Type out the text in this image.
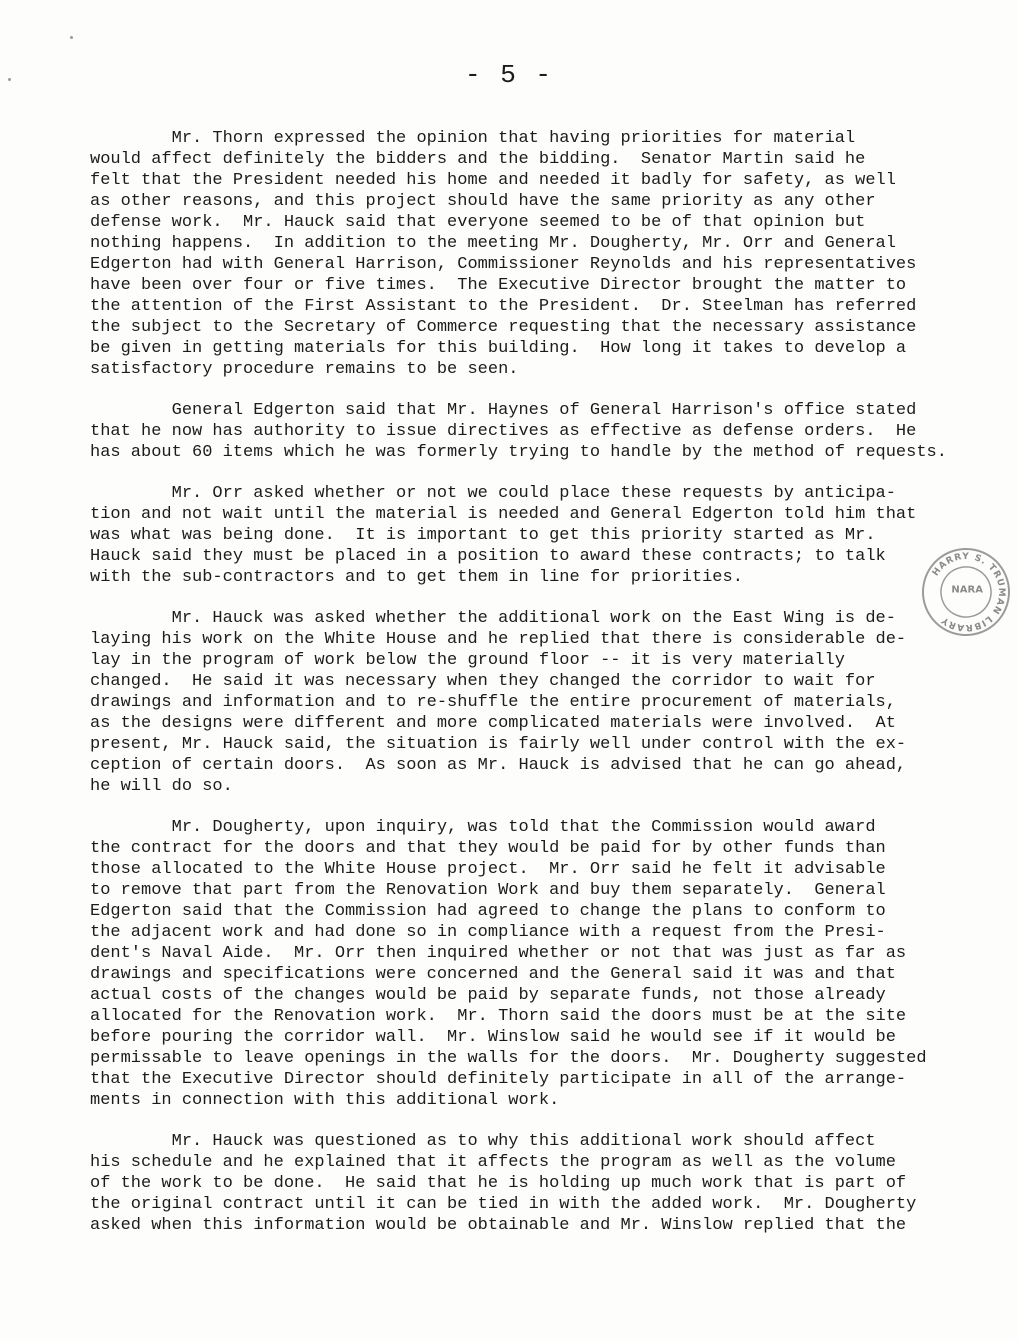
- 5 -
Mr. Thorn expressed the opinion that having priorities for material
would affect definitely the bidders and the bidding.  Senator Martin said he
felt that the President needed his home and needed it badly for safety, as well
as other reasons, and this project should have the same priority as any other
defense work.  Mr. Hauck said that everyone seemed to be of that opinion but
nothing happens.  In addition to the meeting Mr. Dougherty, Mr. Orr and General
Edgerton had with General Harrison, Commissioner Reynolds and his representatives
have been over four or five times.  The Executive Director brought the matter to
the attention of the First Assistant to the President.  Dr. Steelman has referred
the subject to the Secretary of Commerce requesting that the necessary assistance
be given in getting materials for this building.  How long it takes to develop a
satisfactory procedure remains to be seen.
General Edgerton said that Mr. Haynes of General Harrison's office stated
that he now has authority to issue directives as effective as defense orders.  He
has about 60 items which he was formerly trying to handle by the method of requests.
Mr. Orr asked whether or not we could place these requests by anticipa-
tion and not wait until the material is needed and General Edgerton told him that
was what was being done.  It is important to get this priority started as Mr.
Hauck said they must be placed in a position to award these contracts; to talk
with the sub-contractors and to get them in line for priorities.
Mr. Hauck was asked whether the additional work on the East Wing is de-
laying his work on the White House and he replied that there is considerable de-
lay in the program of work below the ground floor -- it is very materially
changed.  He said it was necessary when they changed the corridor to wait for
drawings and information and to re-shuffle the entire procurement of materials,
as the designs were different and more complicated materials were involved.  At
present, Mr. Hauck said, the situation is fairly well under control with the ex-
ception of certain doors.  As soon as Mr. Hauck is advised that he can go ahead,
he will do so.
Mr. Dougherty, upon inquiry, was told that the Commission would award
the contract for the doors and that they would be paid for by other funds than
those allocated to the White House project.  Mr. Orr said he felt it advisable
to remove that part from the Renovation Work and buy them separately.  General
Edgerton said that the Commission had agreed to change the plans to conform to
the adjacent work and had done so in compliance with a request from the Presi-
dent's Naval Aide.  Mr. Orr then inquired whether or not that was just as far as
drawings and specifications were concerned and the General said it was and that
actual costs of the changes would be paid by separate funds, not those already
allocated for the Renovation work.  Mr. Thorn said the doors must be at the site
before pouring the corridor wall.  Mr. Winslow said he would see if it would be
permissable to leave openings in the walls for the doors.  Mr. Dougherty suggested
that the Executive Director should definitely participate in all of the arrange-
ments in connection with this additional work.
Mr. Hauck was questioned as to why this additional work should affect
his schedule and he explained that it affects the program as well as the volume
of the work to be done.  He said that he is holding up much work that is part of
the original contract until it can be tied in with the added work.  Mr. Dougherty
asked when this information would be obtainable and Mr. Winslow replied that the
HARRY S. TRUMAN LIBRARY
NARA
